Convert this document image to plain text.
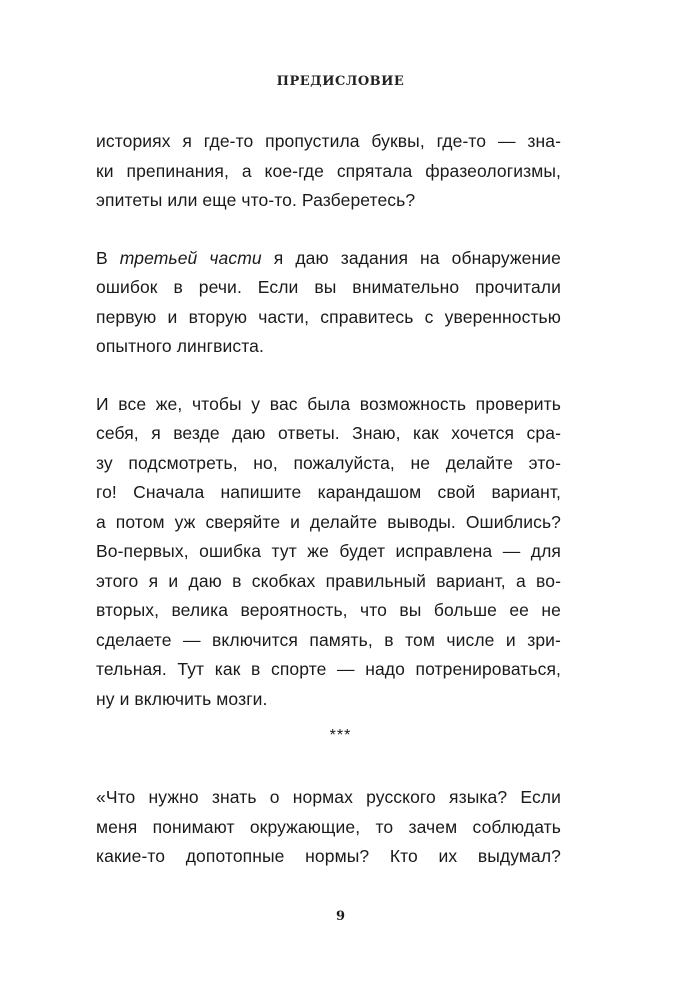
ПРЕДИСЛОВИЕ
историях я где-то пропустила буквы, где-то — зна-
ки препинания, а кое-где спрятала фразеологизмы,
эпитеты или еще что-то. Разберетесь?
В третьей части я даю задания на обнаружение
ошибок в речи. Если вы внимательно прочитали
первую и вторую части, справитесь с уверенностью
опытного лингвиста.
И все же, чтобы у вас была возможность проверить
себя, я везде даю ответы. Знаю, как хочется сра-
зу подсмотреть, но, пожалуйста, не делайте это-
го! Сначала напишите карандашом свой вариант,
а потом уж сверяйте и делайте выводы. Ошиблись?
Во-первых, ошибка тут же будет исправлена — для
этого я и даю в скобках правильный вариант, а во-
вторых, велика вероятность, что вы больше ее не
сделаете — включится память, в том числе и зри-
тельная. Тут как в спорте — надо потренироваться,
ну и включить мозги.
***
«Что нужно знать о нормах русского языка? Если
меня понимают окружающие, то зачем соблюдать
какие-то допотопные нормы? Кто их выдумал?
9
